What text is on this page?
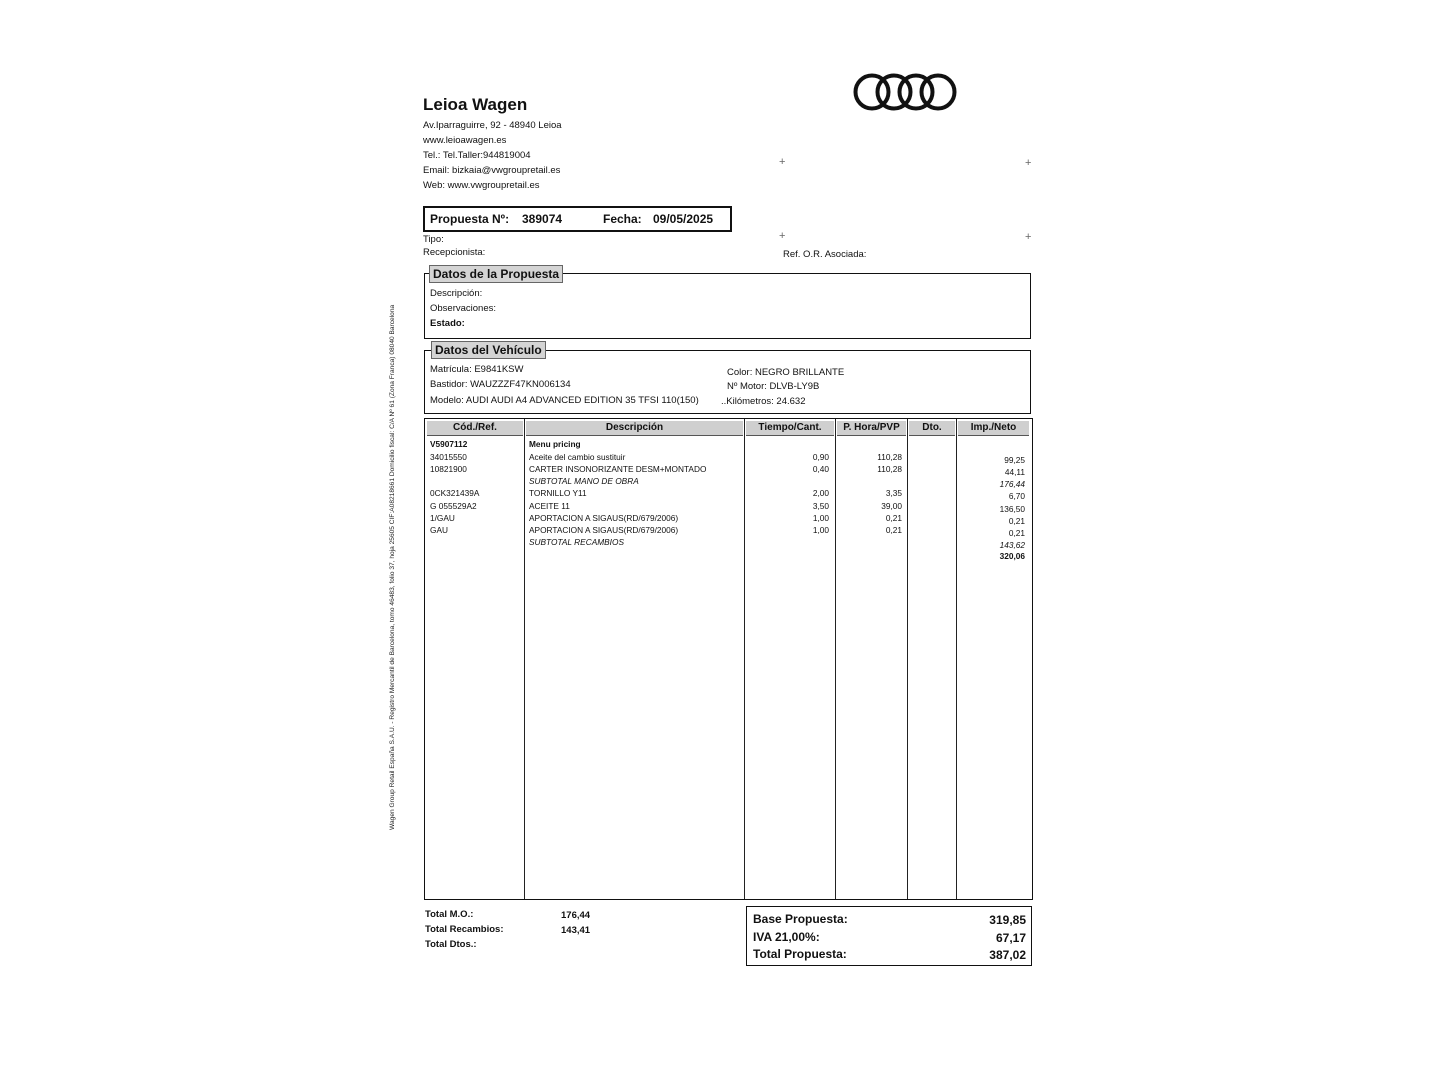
Leioa Wagen
Av.Iparraguirre, 92 - 48940 Leioa
www.leioawagen.es
Tel.: Tel.Taller:944819004
Email: bizkaia@vwgroupretail.es
Web: www.vwgroupretail.es
+	+
+	+
Wagen Group Retail España S.A.U. - Registro Mercantil de Barcelona, tomo 46483, folio 37, hoja 25605 CIF:A08218661 Domicilio fiscal: C/A Nº 61 (Zona Franca) 08040 Barcelona
Propuesta Nº: 389074	Fecha: 09/05/2025
Tipo:
Recepcionista:	Ref. O.R. Asociada:
Datos de la Propuesta
Descripción:
Observaciones:
Estado:
Datos del Vehículo
Matrícula: E9841KSW
Bastidor: WAUZZZF47KN006134
Modelo: AUDI AUDI A4 ADVANCED EDITION 35 TFSI 110(150)
Color: NEGRO BRILLANTE
Nº Motor: DLVB-LY9B
..Kilómetros: 24.632
Cód./Ref.	Descripción	Tiempo/Cant.	P. Hora/PVP	Dto.	Imp./Neto
V5907112	Menu pricing
34015550	Aceite del cambio sustituir	0,90	110,28	99,25
10821900	CARTER INSONORIZANTE DESM+MONTADO	0,40	110,28	44,11
SUBTOTAL MANO DE OBRA	176,44
0CK321439A	TORNILLO Y11	2,00	3,35	6,70
G 055529A2	ACEITE 11	3,50	39,00	136,50
1/GAU	APORTACION A SIGAUS(RD/679/2006)	1,00	0,21	0,21
GAU	APORTACION A SIGAUS(RD/679/2006)	1,00	0,21	0,21
SUBTOTAL RECAMBIOS	143,62
320,06
Total M.O.:	176,44
Total Recambios:	143,41
Total Dtos.:
Base Propuesta:	319,85
IVA 21,00%:	67,17
Total Propuesta:	387,02
